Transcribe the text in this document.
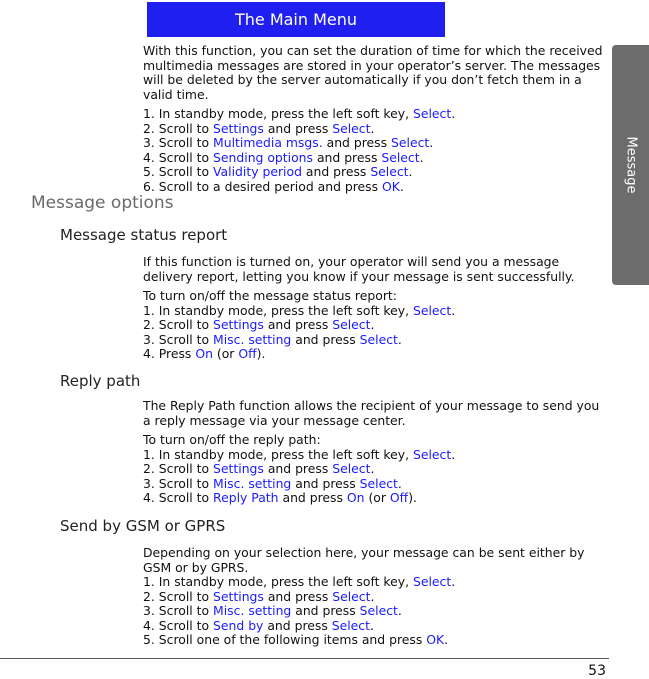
The Main Menu
Message

With this function, you can set the duration of time for which the received multimedia messages are stored in your operator’s server. The messages will be deleted by the server automatically if you don’t fetch them in a valid time.

1. In standby mode, press the left soft key, Select.
2. Scroll to Settings and press Select.
3. Scroll to Multimedia msgs. and press Select.
4. Scroll to Sending options and press Select.
5. Scroll to Validity period and press Select.
6. Scroll to a desired period and press OK.
Message options
Message status report

If this function is turned on, your operator will send you a message delivery report, letting you know if your message is sent successfully.

To turn on/off the message status report:
1. In standby mode, press the left soft key, Select.
2. Scroll to Settings and press Select.
3. Scroll to Misc. setting and press Select.
4. Press On (or Off).
Reply path

The Reply Path function allows the recipient of your message to send you a reply message via your message center.

To turn on/off the reply path:
1. In standby mode, press the left soft key, Select.
2. Scroll to Settings and press Select.
3. Scroll to Misc. setting and press Select.
4. Scroll to Reply Path and press On (or Off).
Send by GSM or GPRS
Depending on your selection here, your message can be sent either by GSM or by GPRS.
1. In standby mode, press the left soft key, Select.
2. Scroll to Settings and press Select.
3. Scroll to Misc. setting and press Select.
4. Scroll to Send by and press Select.
5. Scroll one of the following items and press OK.
53
